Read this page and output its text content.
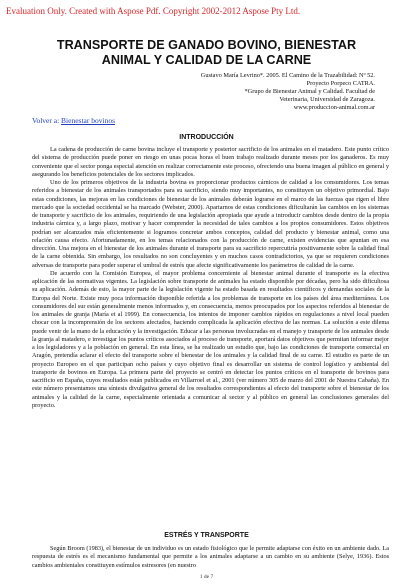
Evaluation Only. Created with Aspose Pdf. Copyright 2002-2012 Aspose Pty Ltd.
TRANSPORTE DE GANADO BOVINO, BIENESTAR
ANIMAL Y CALIDAD DE LA CARNE
Gustavo María Levrino*. 2005. El Camino de la Trazabilidad: Nº 52.
Proyecto Porpeco CATRA.
*Grupo de Bienestar Animal y Calidad. Facultad de
Veterinaria, Universidad de Zaragoza.
www.produccion-animal.com.ar
Volver a: Bienestar bovinos
INTRODUCCIÓN

La cadena de producción de carne bovina incluye el transporte y posterior sacrificio de los animales en el matadero. Este punto crítico del sistema de producción puede poner en riesgo en unas pocas horas el buen trabajo realizado durante meses por los ganaderos. Es muy conveniente que el sector ponga especial atención en realizar correctamente este proceso, ofreciendo una buena imagen al público en general y asegurando los beneficios potenciales de los sectores implicados.

Uno de los primeros objetivos de la industria bovina es proporcionar productos cárnicos de calidad a los consumidores. Los temas referidos a bienestar de los animales transportados para su sacrificio, siendo muy importantes, no constituyen un objetivo primordial. Bajo estas condiciones, las mejoras en las condiciones de bienestar de los animales deberán lograrse en el marco de las fuerzas que rigen el libre mercado que la sociedad occidental se ha marcado (Webster, 2000). Apartarnos de estas condiciones dificultarán las cambios en los sistemas de transporte y sacrificio de los animales, requiriendo de una legislación apropiada que ayude a introducir cambios desde dentro de la propia industria cárnica y, a largo plazo, motivar y hacer comprender la necesidad de tales cambios a los propios consumidores. Estos objetivos podrían ser alcanzados más eficientemente si logramos concretar ambos conceptos, calidad del producto y bienestar animal, como una relación causa efecto. Afortunadamente, en los temas relacionados con la producción de carne, existen evidencias que apuntan en esa dirección. Una mejora en el bienestar de los animales durante el transporte para su sacrificio repercutiría positivamente sobre la calidad final de la carne obtenida. Sin embargo, los resultados no son concluyentes y en muchos casos contradictorios, ya que se requieren condiciones adversas de transporte para poder superar el umbral de estrés que afecte significativamente los parámetros de calidad de la carne.

De acuerdo con la Comisión Europea, el mayor problema concerniente al bienestar animal durante el transporte es la efectiva aplicación de las normativas vigentes. La legislación sobre transporte de animales ha estado disponible por décadas, pero ha sido dificultosa su aplicación. Además de esto, la mayor parte de la legislación vigente ha estado basada en resultados científicos y demandas sociales de la Europa del Norte. Existe muy poca información disponible referida a los problemas de transporte en los países del área mediterránea. Los consumidores del sur están generalmente menos informados y, en consecuencia, menos preocupados por los aspectos referidos al bienestar de los animales de granja (María et al 1999). En consecuencia, los intentos de imponer cambios rápidos en regulaciones a nivel local pueden chocar con la incomprensión de los sectores afectados, haciendo complicada la aplicación efectiva de las normas. La solución a este dilema puede venir de la mano de la educación y la investigación. Educar a las personas involucradas en el manejo y transporte de los animales desde la granja al matadero, e investigar los puntos críticos asociados al proceso de transporte, aportará datos objetivos que permitan informar mejor a los legisladores y a la población en general. En esta línea, se ha realizado un estudio que, bajo las condiciones de transporte comercial en Aragón, pretendía aclarar el efecto del transporte sobre el bienestar de los animales y la calidad final de su carne. El estudio es parte de un proyecto Europeo en el que participan ocho países y cuyo objetivo final es desarrollar un sistema de control logístico y ambiental del transporte de bovinos en Europa. La primera parte del proyecto se centró en detectar los puntos críticos en el transporte de bovinos para sacrificio en España, cuyos resultados están publicados en Villarroel et al., 2001 (ver número 305 de marzo del 2001 de Nuestra Cabaña). En este número presentamos una síntesis divulgativa general de los resultados correspondientes al efecto del transporte sobre el bienestar de los animales y la calidad de la carne, especialmente orientada a comunicar al sector y al público en general las conclusiones generales del proyecto.

ESTRÉS Y TRANSPORTE

Según Broom (1983), el bienestar de un individuo es un estado fisiológico que le permite adaptarse con éxito en un ambiente dado. La respuesta de estrés es el mecanismo fundamental que permite a los animales adaptarse a un cambio en su ambiente (Selye, 1936). Estos cambios ambientales constituyen estímulos estresores (en nuestro

1 de 7
